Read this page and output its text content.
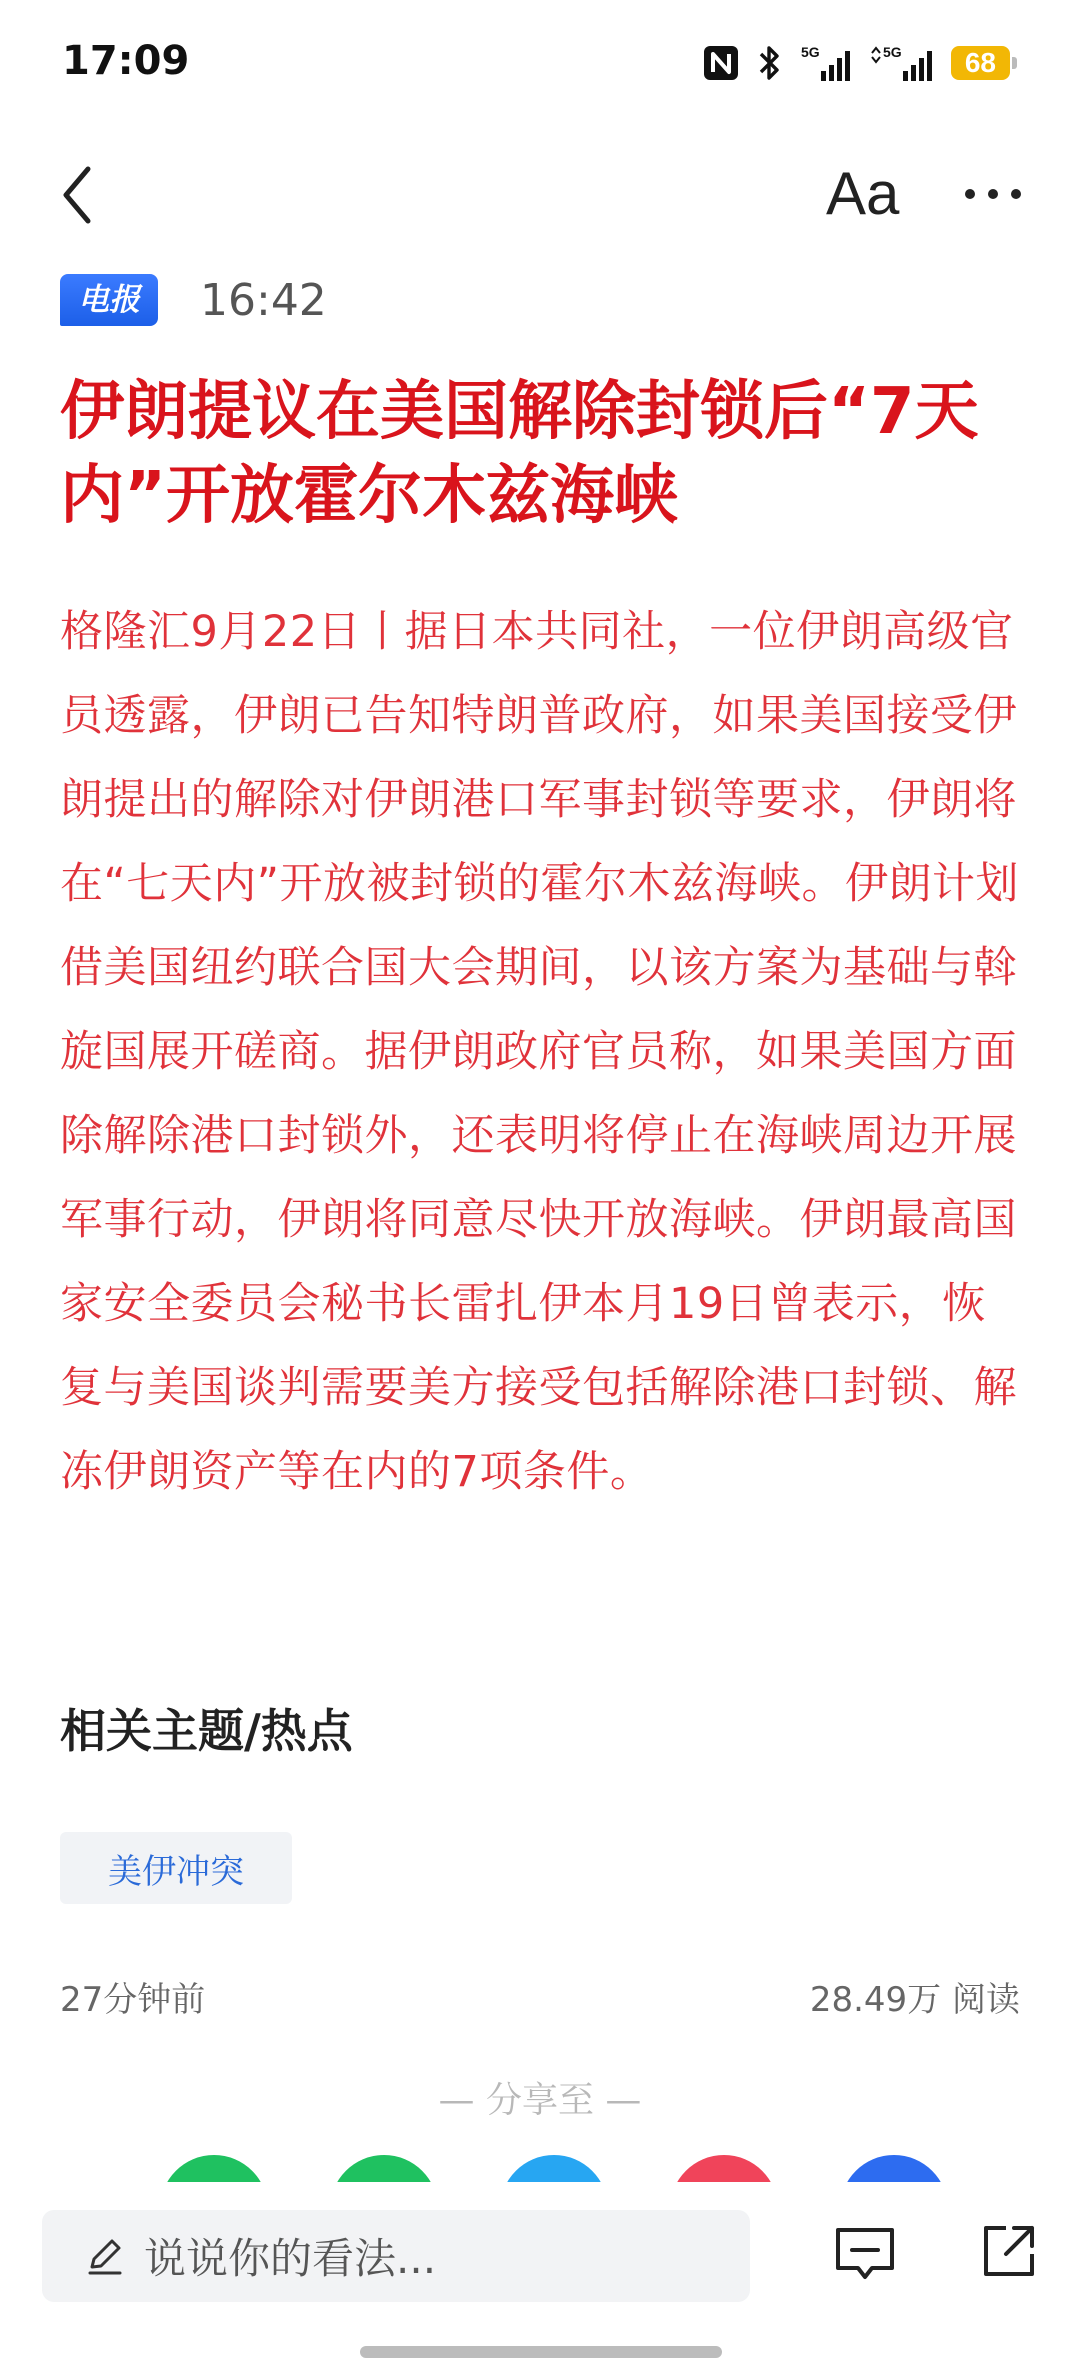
17:09	5G	5G	68
Aa
电报	16:42
伊朗提议在美国解除封锁后“7天内”开放霍尔木兹海峡
格隆汇9月22日丨据日本共同社，一位伊朗高级官员透露，伊朗已告知特朗普政府，如果美国接受伊朗提出的解除对伊朗港口军事封锁等要求，伊朗将在“七天内”开放被封锁的霍尔木兹海峡。伊朗计划借美国纽约联合国大会期间，以该方案为基础与斡旋国展开磋商。据伊朗政府官员称，如果美国方面除解除港口封锁外，还表明将停止在海峡周边开展军事行动，伊朗将同意尽快开放海峡。伊朗最高国家安全委员会秘书长雷扎伊本月19日曾表示，恢复与美国谈判需要美方接受包括解除港口封锁、解冻伊朗资产等在内的7项条件。
相关主题/热点
美伊冲突
27分钟前	28.49万 阅读
— 分享至 —
说说你的看法...
